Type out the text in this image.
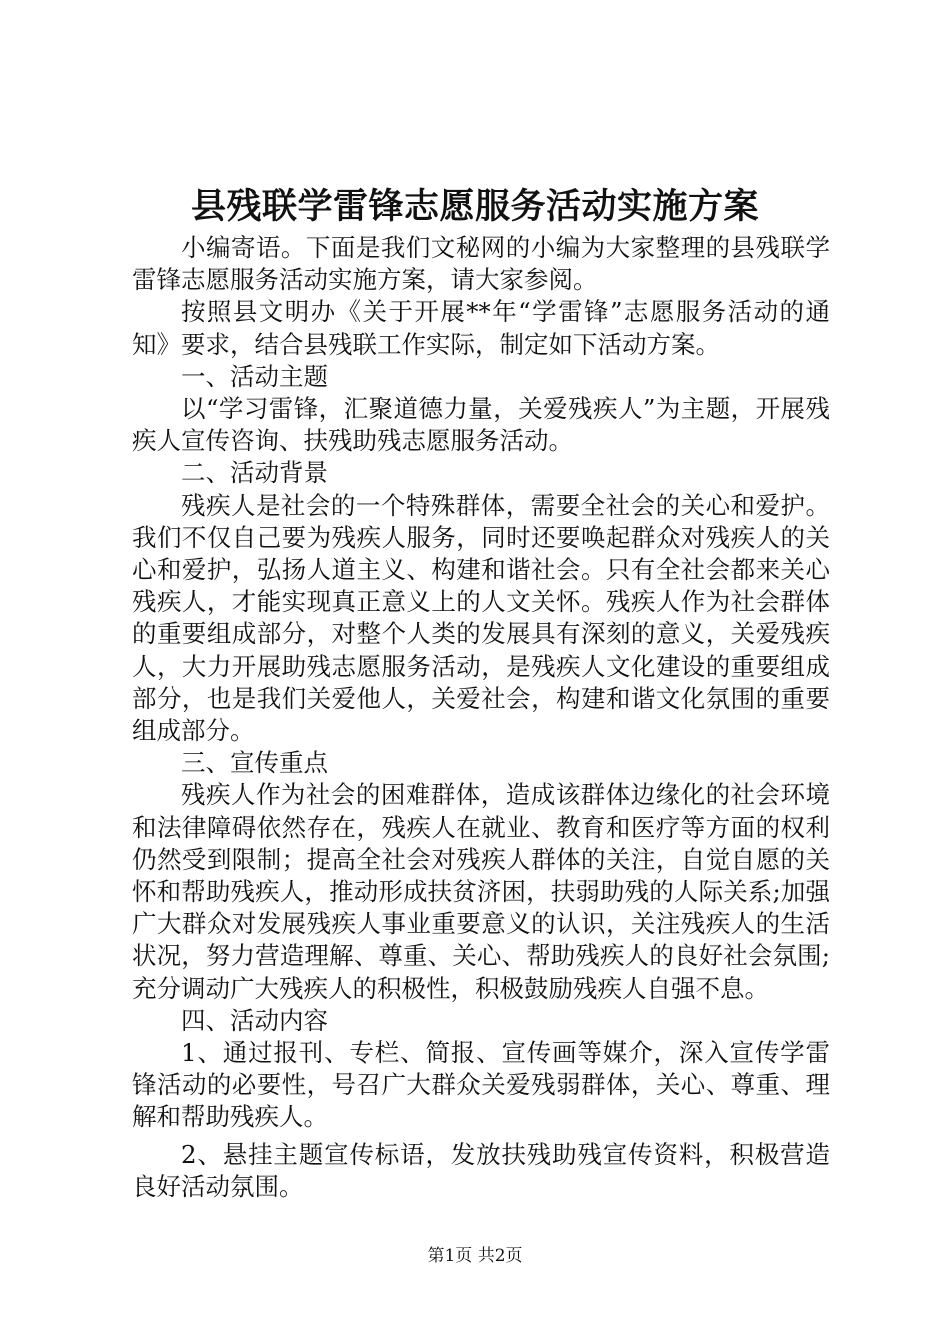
县残联学雷锋志愿服务活动实施方案

小编寄语。下面是我们文秘网的小编为大家整理的县残联学雷锋志愿服务活动实施方案，请大家参阅。

按照县文明办《关于开展**年“学雷锋”志愿服务活动的通知》要求，结合县残联工作实际，制定如下活动方案。

一、活动主题

以“学习雷锋，汇聚道德力量，关爱残疾人”为主题，开展残疾人宣传咨询、扶残助残志愿服务活动。

二、活动背景

残疾人是社会的一个特殊群体，需要全社会的关心和爱护。我们不仅自己要为残疾人服务，同时还要唤起群众对残疾人的关心和爱护，弘扬人道主义、构建和谐社会。只有全社会都来关心残疾人，才能实现真正意义上的人文关怀。残疾人作为社会群体的重要组成部分，对整个人类的发展具有深刻的意义，关爱残疾人，大力开展助残志愿服务活动，是残疾人文化建设的重要组成部分，也是我们关爱他人，关爱社会，构建和谐文化氛围的重要组成部分。

三、宣传重点

残疾人作为社会的困难群体，造成该群体边缘化的社会环境和法律障碍依然存在，残疾人在就业、教育和医疗等方面的权利仍然受到限制；提高全社会对残疾人群体的关注，自觉自愿的关怀和帮助残疾人，推动形成扶贫济困，扶弱助残的人际关系;加强广大群众对发展残疾人事业重要意义的认识，关注残疾人的生活状况，努力营造理解、尊重、关心、帮助残疾人的良好社会氛围;充分调动广大残疾人的积极性，积极鼓励残疾人自强不息。

四、活动内容

1、通过报刊、专栏、简报、宣传画等媒介，深入宣传学雷锋活动的必要性，号召广大群众关爱残弱群体，关心、尊重、理解和帮助残疾人。

2、悬挂主题宣传标语，发放扶残助残宣传资料，积极营造良好活动氛围。

第1页 共2页
